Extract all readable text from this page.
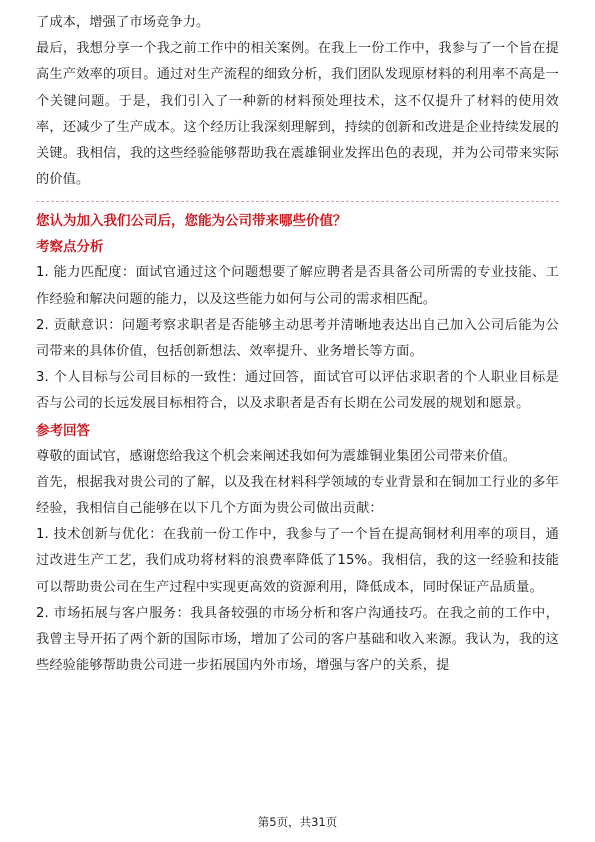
了成本，增强了市场竞争力。

最后，我想分享一个我之前工作中的相关案例。在我上一份工作中，我参与了一个旨在提高生产效率的项目。通过对生产流程的细致分析，我们团队发现原材料的利用率不高是一个关键问题。于是，我们引入了一种新的材料预处理技术，这不仅提升了材料的使用效率，还减少了生产成本。这个经历让我深刻理解到，持续的创新和改进是企业持续发展的关键。我相信，我的这些经验能够帮助我在震雄铜业发挥出色的表现，并为公司带来实际的价值。

您认为加入我们公司后，您能为公司带来哪些价值？

考察点分析

1. 能力匹配度：面试官通过这个问题想要了解应聘者是否具备公司所需的专业技能、工作经验和解决问题的能力，以及这些能力如何与公司的需求相匹配。

2. 贡献意识：问题考察求职者是否能够主动思考并清晰地表达出自己加入公司后能为公司带来的具体价值，包括创新想法、效率提升、业务增长等方面。

3. 个人目标与公司目标的一致性：通过回答，面试官可以评估求职者的个人职业目标是否与公司的长远发展目标相符合，以及求职者是否有长期在公司发展的规划和愿景。

参考回答

尊敬的面试官，感谢您给我这个机会来阐述我如何为震雄铜业集团公司带来价值。

首先，根据我对贵公司的了解，以及我在材料科学领域的专业背景和在铜加工行业的多年经验，我相信自己能够在以下几个方面为贵公司做出贡献：

1. 技术创新与优化：在我前一份工作中，我参与了一个旨在提高铜材利用率的项目，通过改进生产工艺，我们成功将材料的浪费率降低了15%。我相信，我的这一经验和技能可以帮助贵公司在生产过程中实现更高效的资源利用，降低成本，同时保证产品质量。

2. 市场拓展与客户服务：我具备较强的市场分析和客户沟通技巧。在我之前的工作中，我曾主导开拓了两个新的国际市场，增加了公司的客户基础和收入来源。我认为，我的这些经验能够帮助贵公司进一步拓展国内外市场，增强与客户的关系，提

第5页，共31页
